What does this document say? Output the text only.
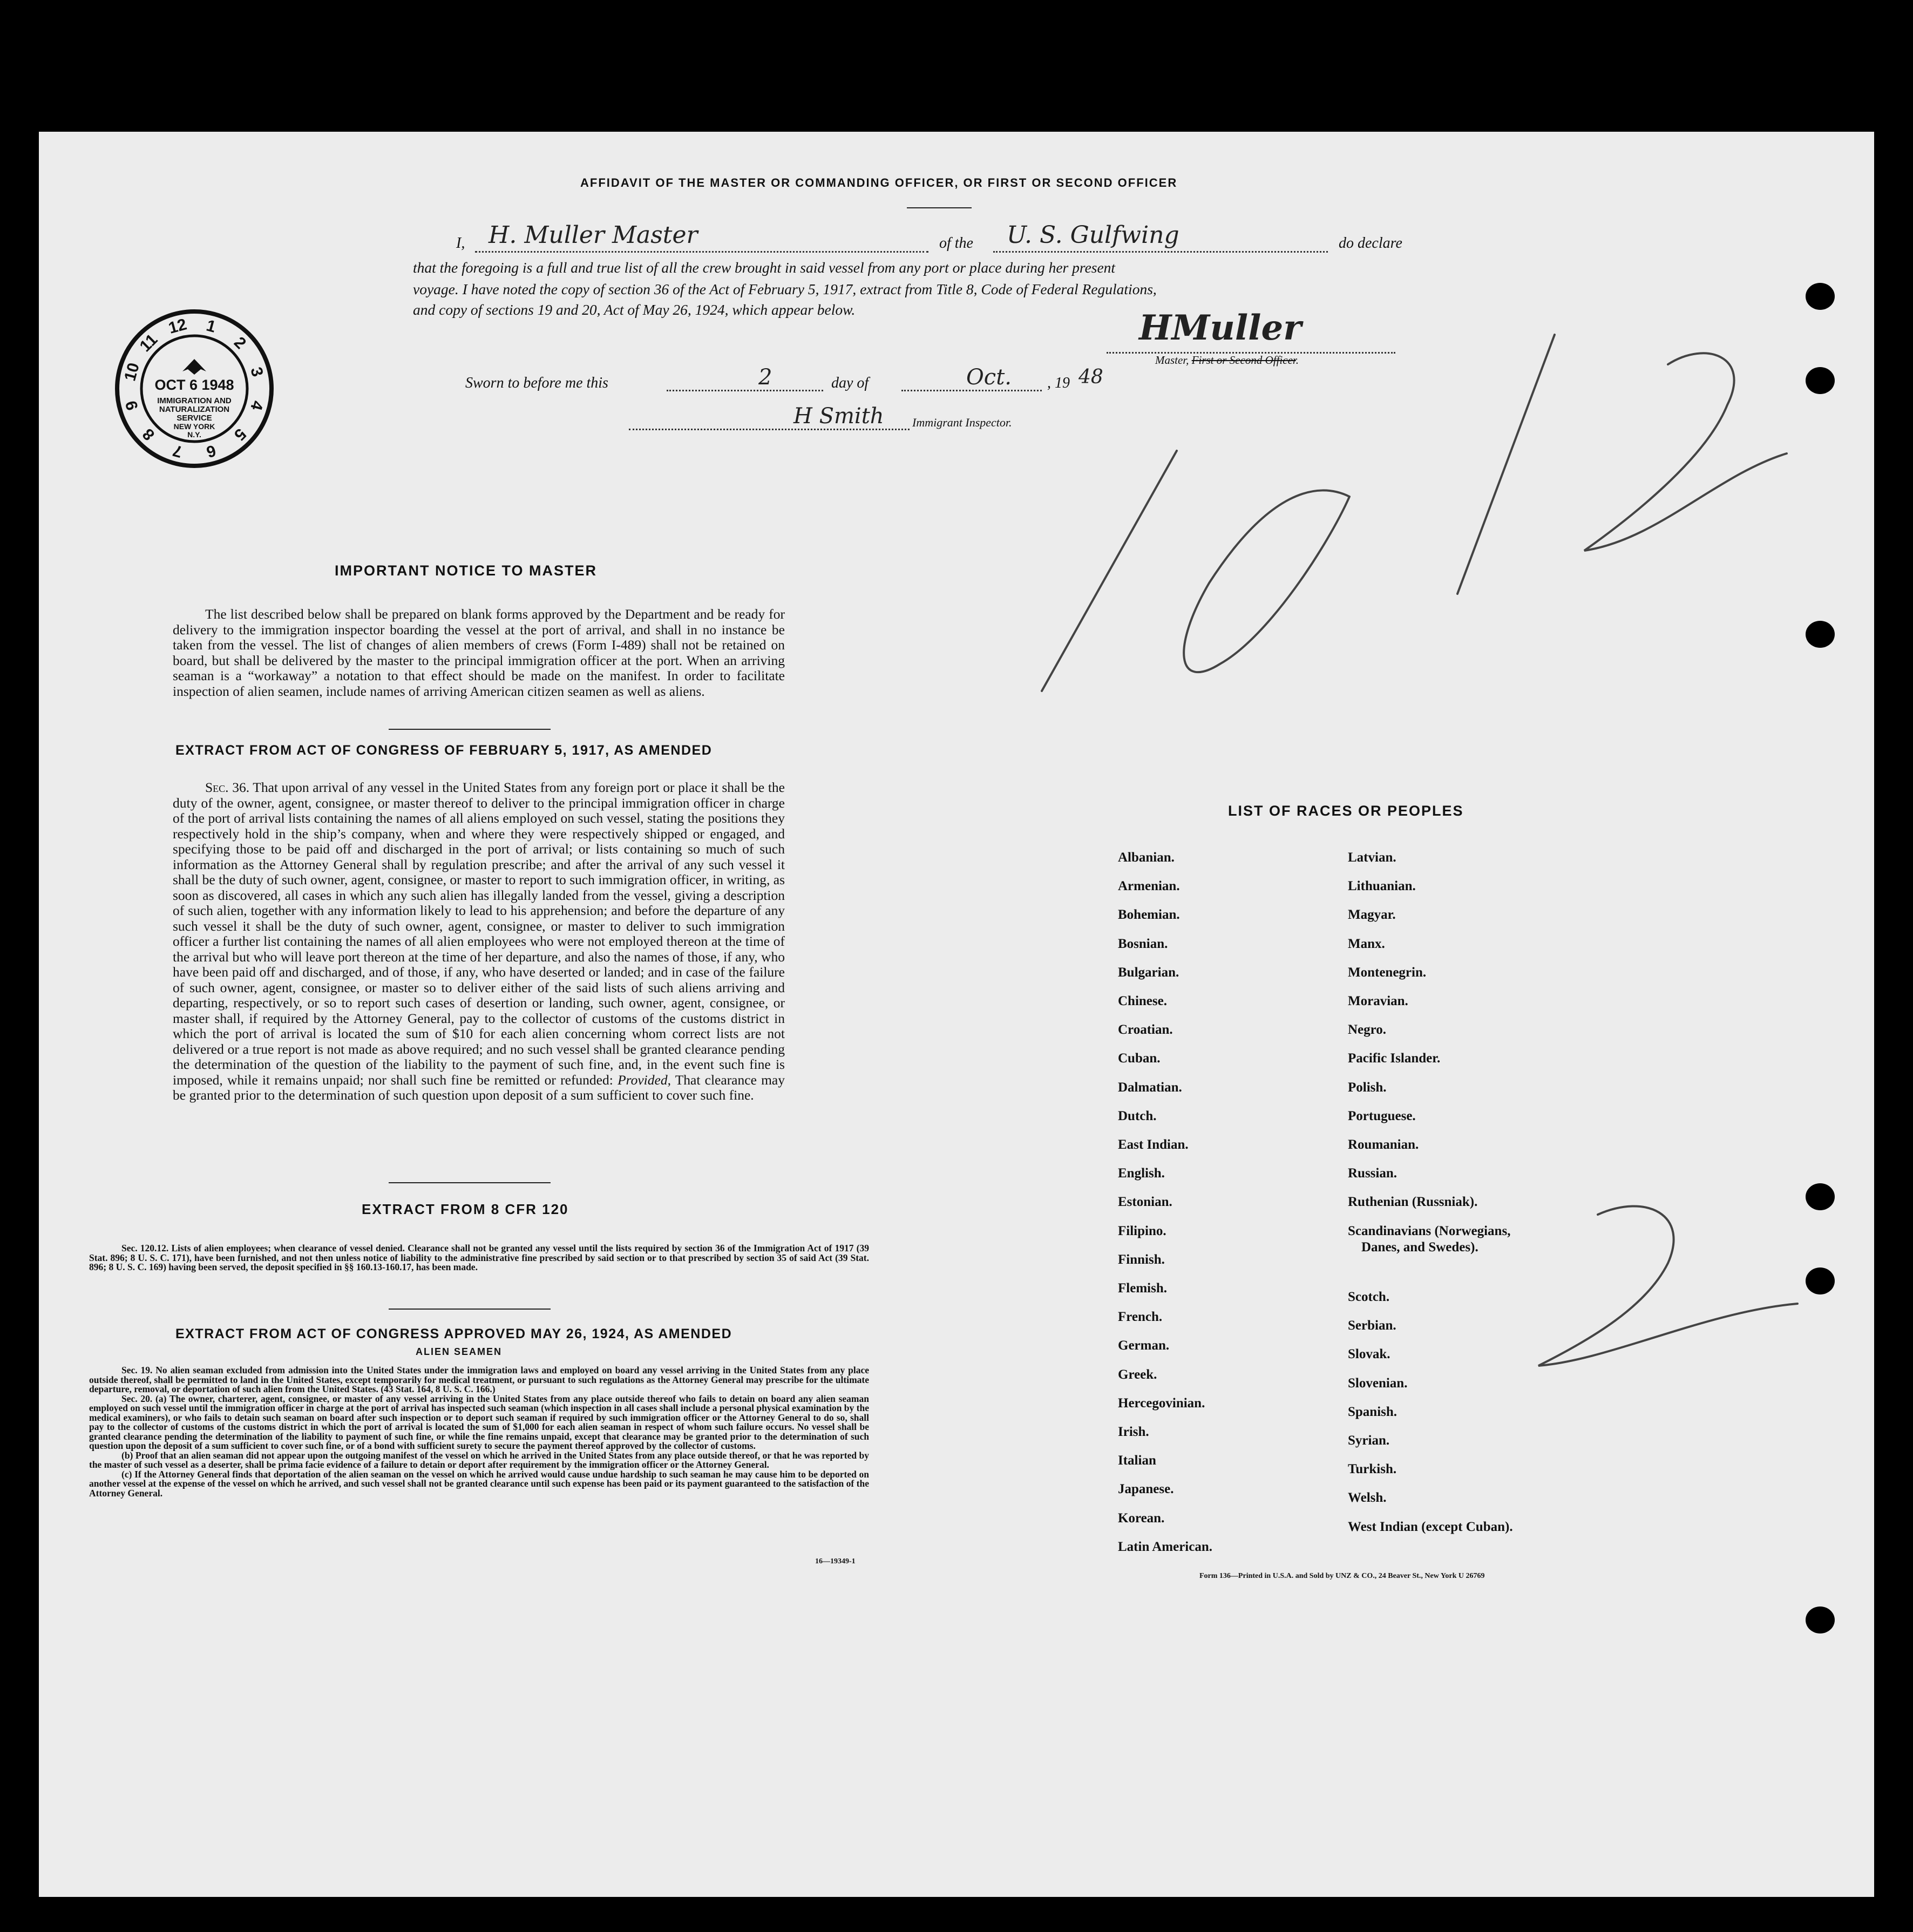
AFFIDAVIT OF THE MASTER OR COMMANDING OFFICER, OR FIRST OR SECOND OFFICER
I, H. Muller Master	of the U. S. Gulfwing	do declare
that the foregoing is a full and true list of all the crew brought in said vessel from any port or place during her present
voyage. I have noted the copy of section 36 of the Act of February 5, 1917, extract from Title 8, Code of Federal Regulations,
and copy of sections 19 and 20, Act of May 26, 1924, which appear below.	HMuller
Master, First or Second Officer.
Sworn to before me this	2	day of	Oct. , 19 48
H Smith Immigrant Inspector.
1
2
3
4
5
6
7
8
9
10
11
12
OCT 6 1948
IMMIGRATION AND
NATURALIZATION
SERVICE
NEW YORK
N.Y.
10/2
2
IMPORTANT NOTICE TO MASTER

The list described below shall be prepared on blank forms approved by the Department and be ready for delivery to the immigration inspector boarding the vessel at the port of arrival, and shall in no instance be taken from the vessel. The list of changes of alien members of crews (Form I-489) shall not be retained on board, but shall be delivered by the master to the principal immigration officer at the port. When an arriving seaman is a “workaway” a notation to that effect should be made on the manifest. In order to facilitate inspection of alien seamen, include names of arriving American citizen seamen as well as aliens.

EXTRACT FROM ACT OF CONGRESS OF FEBRUARY 5, 1917, AS AMENDED

Sec. 36. That upon arrival of any vessel in the United States from any foreign port or place it shall be the duty of the owner, agent, consignee, or master thereof to deliver to the principal immigration officer in charge of the port of arrival lists containing the names of all aliens employed on such vessel, stating the positions they respectively hold in the ship’s company, when and where they were respectively shipped or engaged, and specifying those to be paid off and discharged in the port of arrival; or lists containing so much of such information as the Attorney General shall by regulation prescribe; and after the arrival of any such vessel it shall be the duty of such owner, agent, consignee, or master to report to such immigration officer, in writing, as soon as discovered, all cases in which any such alien has illegally landed from the vessel, giving a description of such alien, together with any information likely to lead to his apprehension; and before the departure of any such vessel it shall be the duty of such owner, agent, consignee, or master to deliver to such immigration officer a further list containing the names of all alien employees who were not employed thereon at the time of the arrival but who will leave port thereon at the time of her departure, and also the names of those, if any, who have been paid off and discharged, and of those, if any, who have deserted or landed; and in case of the failure of such owner, agent, consignee, or master so to deliver either of the said lists of such aliens arriving and departing, respectively, or so to report such cases of desertion or landing, such owner, agent, consignee, or master shall, if required by the Attorney General, pay to the collector of customs of the customs district in which the port of arrival is located the sum of $10 for each alien concerning whom correct lists are not delivered or a true report is not made as above required; and no such vessel shall be granted clearance pending the determination of the question of the liability to the payment of such fine, and, in the event such fine is imposed, while it remains unpaid; nor shall such fine be remitted or refunded: Provided, That clearance may be granted prior to the determination of such question upon deposit of a sum sufficient to cover such fine.

EXTRACT FROM 8 CFR 120

Sec. 120.12. Lists of alien employees; when clearance of vessel denied. Clearance shall not be granted any vessel until the lists required by section 36 of the Immigration Act of 1917 (39 Stat. 896; 8 U. S. C. 171), have been furnished, and not then unless notice of liability to the administrative fine prescribed by said section or to that prescribed by section 35 of said Act (39 Stat. 896; 8 U. S. C. 169) having been served, the deposit specified in §§ 160.13-160.17, has been made.

EXTRACT FROM ACT OF CONGRESS APPROVED MAY 26, 1924, AS AMENDED
ALIEN SEAMEN

Sec. 19. No alien seaman excluded from admission into the United States under the immigration laws and employed on board any vessel arriving in the United States from any place outside thereof, shall be permitted to land in the United States, except temporarily for medical treatment, or pursuant to such regulations as the Attorney General may prescribe for the ultimate departure, removal, or deportation of such alien from the United States. (43 Stat. 164, 8 U. S. C. 166.)

Sec. 20. (a) The owner, charterer, agent, consignee, or master of any vessel arriving in the United States from any place outside thereof who fails to detain on board any alien seaman employed on such vessel until the immigration officer in charge at the port of arrival has inspected such seaman (which inspection in all cases shall include a personal physical examination by the medical examiners), or who fails to detain such seaman on board after such inspection or to deport such seaman if required by such immigration officer or the Attorney General to do so, shall pay to the collector of customs of the customs district in which the port of arrival is located the sum of $1,000 for each alien seaman in respect of whom such failure occurs. No vessel shall be granted clearance pending the determination of the liability to payment of such fine, or while the fine remains unpaid, except that clearance may be granted prior to the determination of such question upon the deposit of a sum sufficient to cover such fine, or of a bond with sufficient surety to secure the payment thereof approved by the collector of customs.

(b) Proof that an alien seaman did not appear upon the outgoing manifest of the vessel on which he arrived in the United States from any place outside thereof, or that he was reported by the master of such vessel as a deserter, shall be prima facie evidence of a failure to detain or deport after requirement by the immigration officer or the Attorney General.

(c) If the Attorney General finds that deportation of the alien seaman on the vessel on which he arrived would cause undue hardship to such seaman he may cause him to be deported on another vessel at the expense of the vessel on which he arrived, and such vessel shall not be granted clearance until such expense has been paid or its payment guaranteed to the satisfaction of the Attorney General.

16—19349-1
LIST OF RACES OR PEOPLES
Albanian.
Armenian.
Bohemian.
Bosnian.
Bulgarian.
Chinese.
Croatian.
Cuban.
Dalmatian.
Dutch.
East Indian.
English.
Estonian.
Filipino.
Finnish.
Flemish.
French.
German.
Greek.
Hercegovinian.
Irish.
Italian
Japanese.
Korean.
Latin American.
Latvian.
Lithuanian.
Magyar.
Manx.
Montenegrin.
Moravian.
Negro.
Pacific Islander.
Polish.
Portuguese.
Roumanian.
Russian.
Ruthenian (Russniak).
Scandinavians (Norwegians,
Danes, and Swedes).
Scotch.
Serbian.
Slovak.
Slovenian.
Spanish.
Syrian.
Turkish.
Welsh.
West Indian (except Cuban).
Form 136—Printed in U.S.A. and Sold by UNZ & CO., 24 Beaver St., New York U 26769
